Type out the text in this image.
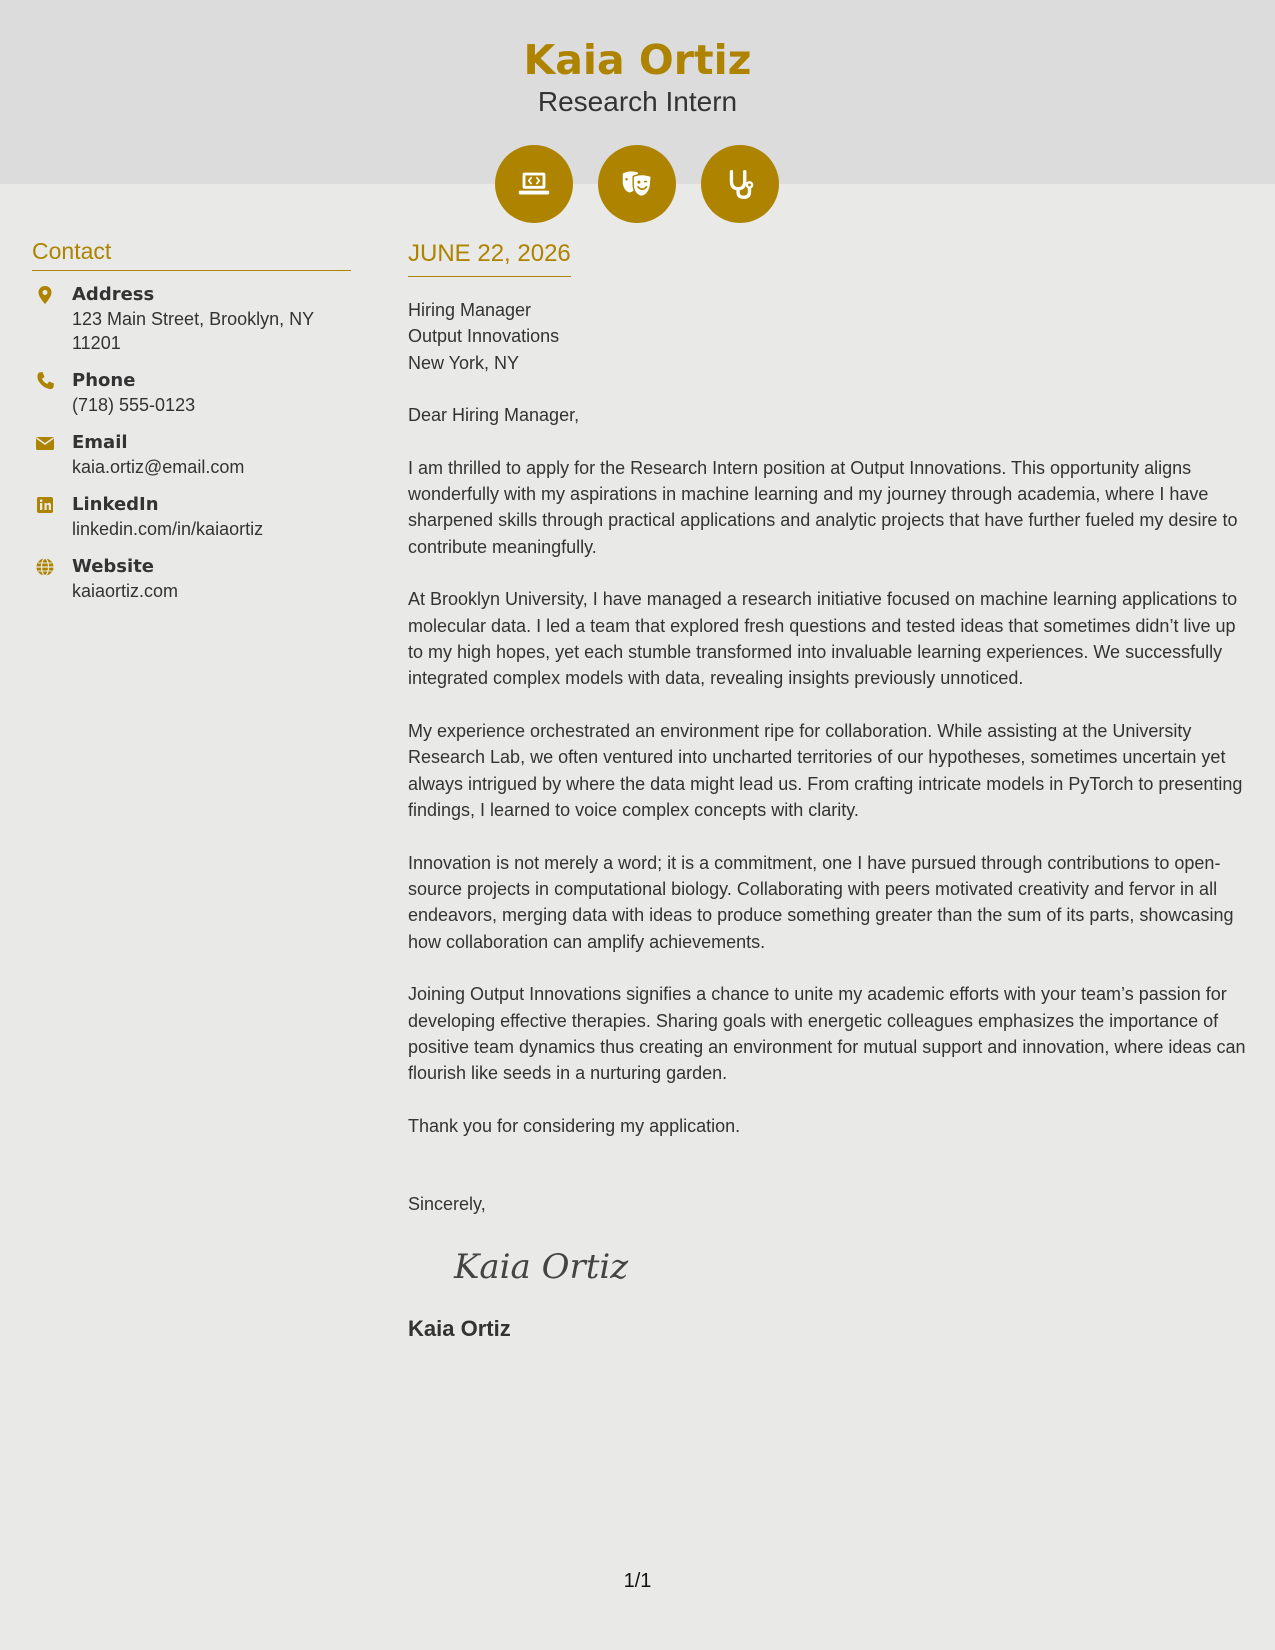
Kaia Ortiz
Research Intern
Contact
Address
123 Main Street, Brooklyn, NY 11201
Phone
(718) 555-0123
Email
kaia.ortiz@email.com
LinkedIn
linkedin.com/in/kaiaortiz
Website
kaiaortiz.com
JUNE 22, 2026
Hiring Manager
Output Innovations
New York, NY

Dear Hiring Manager,

I am thrilled to apply for the Research Intern position at Output Innovations. This opportunity aligns wonderfully with my aspirations in machine learning and my journey through academia, where I have sharpened skills through practical applications and analytic projects that have further fueled my desire to contribute meaningfully.

At Brooklyn University, I have managed a research initiative focused on machine learning applications to molecular data. I led a team that explored fresh questions and tested ideas that sometimes didn’t live up to my high hopes, yet each stumble transformed into invaluable learning experiences. We successfully integrated complex models with data, revealing insights previously unnoticed.

My experience orchestrated an environment ripe for collaboration. While assisting at the University Research Lab, we often ventured into uncharted territories of our hypotheses, sometimes uncertain yet always intrigued by where the data might lead us. From crafting intricate models in PyTorch to presenting findings, I learned to voice complex concepts with clarity.

Innovation is not merely a word; it is a commitment, one I have pursued through contributions to open-source projects in computational biology. Collaborating with peers motivated creativity and fervor in all endeavors, merging data with ideas to produce something greater than the sum of its parts, showcasing how collaboration can amplify achievements.

Joining Output Innovations signifies a chance to unite my academic efforts with your team’s passion for developing effective therapies. Sharing goals with energetic colleagues emphasizes the importance of positive team dynamics thus creating an environment for mutual support and innovation, where ideas can flourish like seeds in a nurturing garden.

Thank you for considering my application.

Sincerely,

Kaia Ortiz
Kaia Ortiz
1/1
